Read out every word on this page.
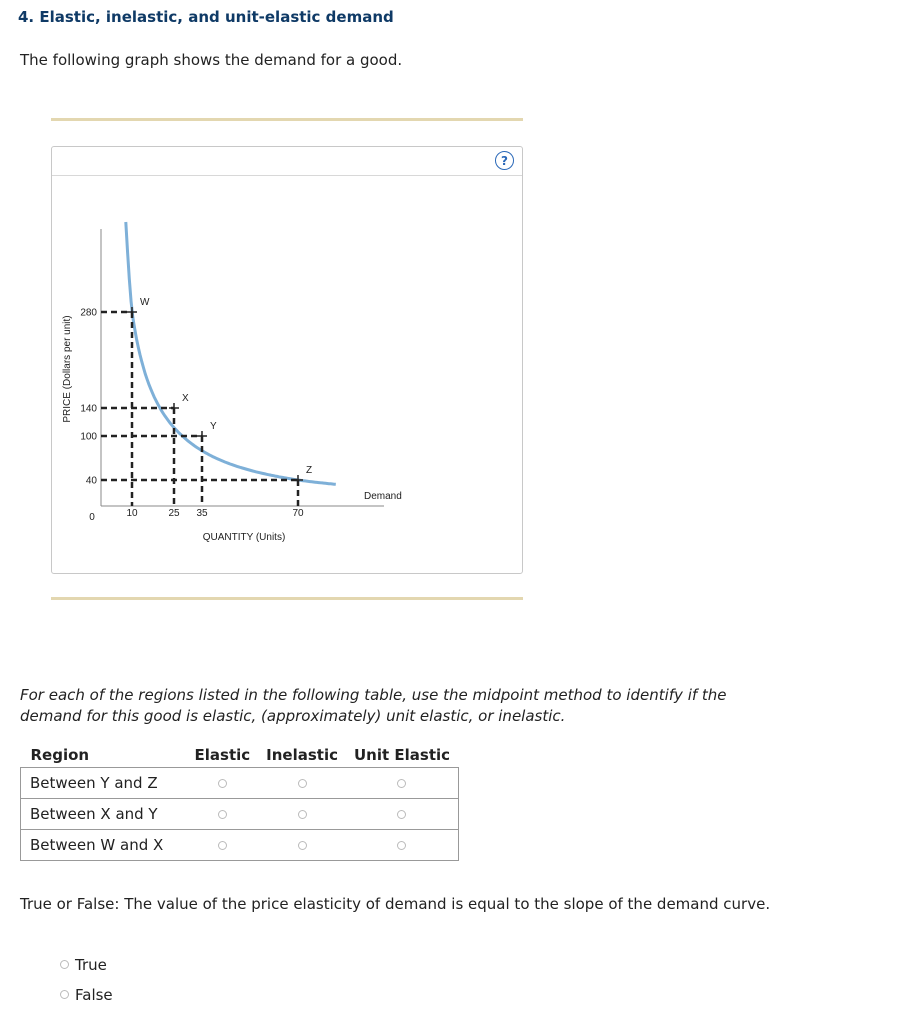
4. Elastic, inelastic, and unit-elastic demand
The following graph shows the demand for a good.
?
W
X
Y
Z
280
140
100
40
10	25 35	70
0
QUANTITY (Units)
PRICE (Dollars per unit)
Demand
For each of the regions listed in the following table, use the midpoint method to identify if the demand for this good is elastic, (approximately) unit elastic, or inelastic.
Region	Elastic	Inelastic	Unit Elastic
Between Y and Z			
Between X and Y			
Between W and X			
True or False: The value of the price elasticity of demand is equal to the slope of the demand curve.
True
False
